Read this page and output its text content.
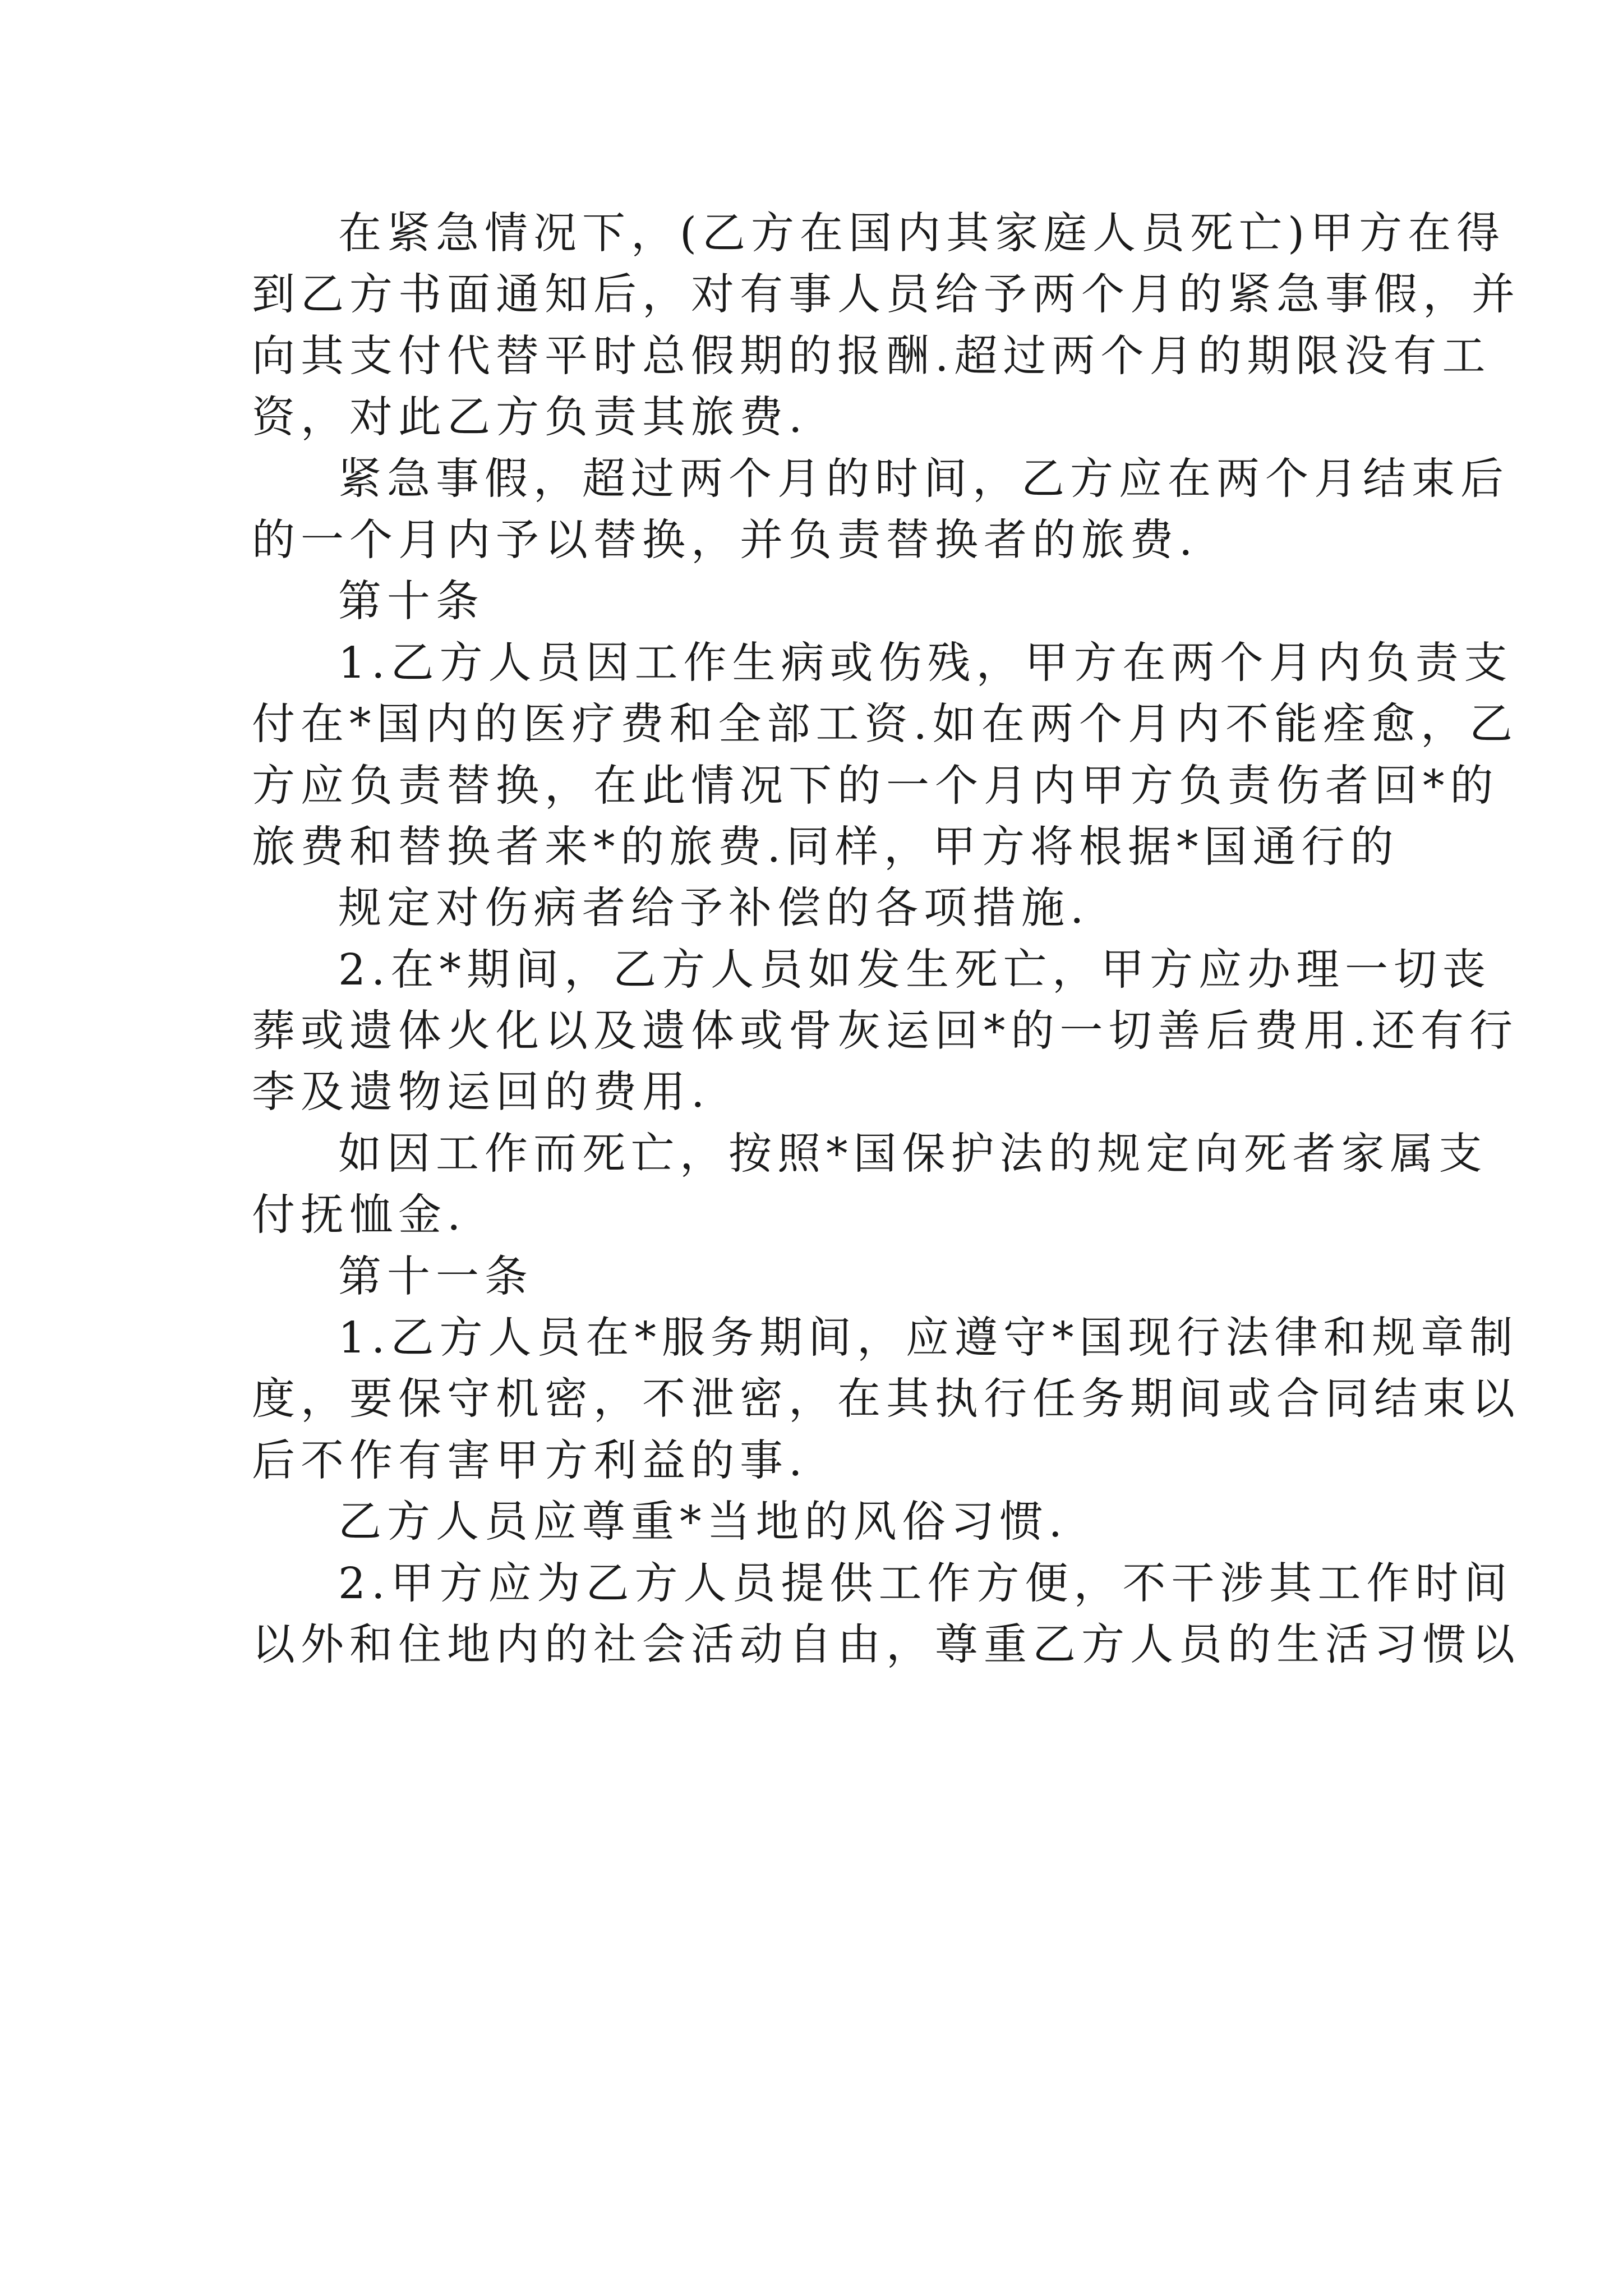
在紧急情况下，(乙方在国内其家庭人员死亡)甲方在得
到乙方书面通知后，对有事人员给予两个月的紧急事假，并
向其支付代替平时总假期的报酬.超过两个月的期限没有工
资，对此乙方负责其旅费.
紧急事假，超过两个月的时间，乙方应在两个月结束后
的一个月内予以替换，并负责替换者的旅费.
第十条
1.乙方人员因工作生病或伤残，甲方在两个月内负责支
付在*国内的医疗费和全部工资.如在两个月内不能痊愈，乙
方应负责替换，在此情况下的一个月内甲方负责伤者回*的
旅费和替换者来*的旅费.同样，甲方将根据*国通行的
规定对伤病者给予补偿的各项措施.
2.在*期间，乙方人员如发生死亡，甲方应办理一切丧
葬或遗体火化以及遗体或骨灰运回*的一切善后费用.还有行
李及遗物运回的费用.
如因工作而死亡，按照*国保护法的规定向死者家属支
付抚恤金.
第十一条
1.乙方人员在*服务期间，应遵守*国现行法律和规章制
度，要保守机密，不泄密，在其执行任务期间或合同结束以
后不作有害甲方利益的事.
乙方人员应尊重*当地的风俗习惯.
2.甲方应为乙方人员提供工作方便，不干涉其工作时间
以外和住地内的社会活动自由，尊重乙方人员的生活习惯以
